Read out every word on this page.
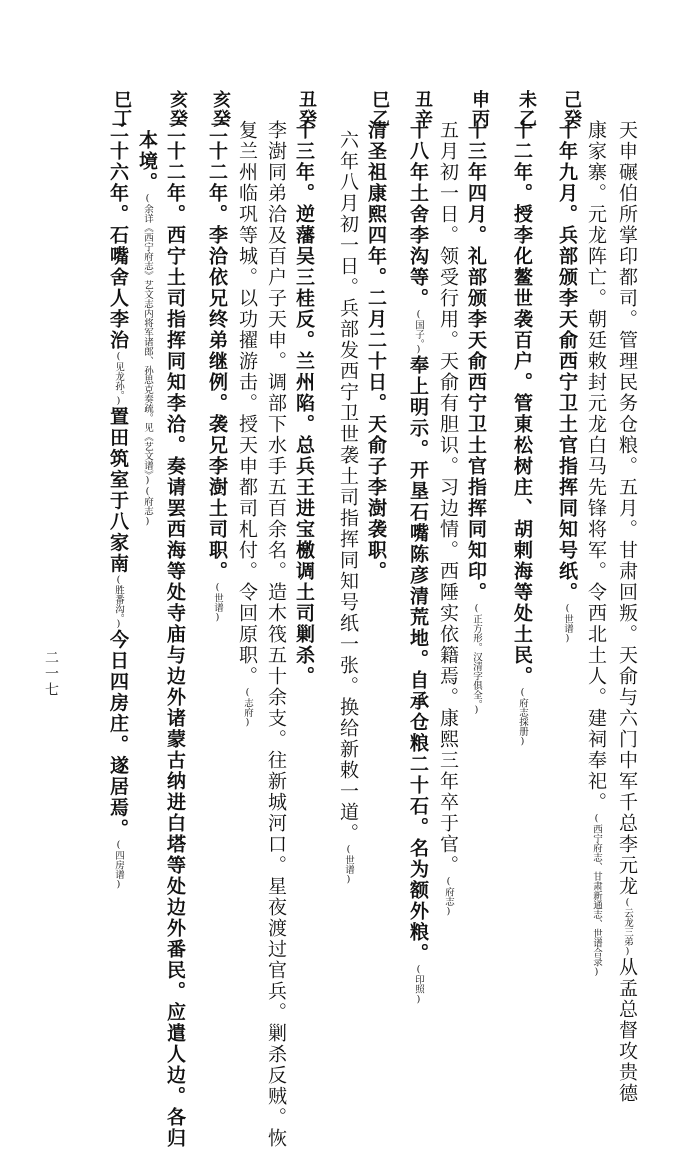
天申碾伯所掌印都司。管理民务仓粮。五月。甘肃回叛。天俞与六门中军千总李元龙(云龙三弟)从孟总督攻贵德
康家寨。元龙阵亡。朝廷敕封元龙白马先锋将军。令西北土人。建祠奉祀。(西宁府志、甘肃新通志、世谱合录)
己癸
十年九月。兵部颁李天俞西宁卫土官指挥同知号纸。(世谱)
未乙
十二年。授李化鳌世袭百户。管東松树庄、胡剌海等处土民。(府志採册)
申丙
十三年四月。礼部颁李天俞西宁卫土官指挥同知印。(正方形。汉清字俱全。)
五月初一日。领受行用。天俞有胆识。习边情。西陲实依籍焉。康熙三年卒于官。(府志)
丑辛
十八年土舍李沟等。(国子。)奉上明示。开垦石嘴陈彦清荒地。自承仓粮二十石。名为额外粮。(印照)
巳乙
清圣祖康熙四年。二月二十日。天俞子李澍袭职。
六年八月初一日。兵部发西宁卫世袭土司指挥同知号纸一张。换给新敕一道。(世谱)
丑癸
十三年。逆藩吴三桂反。兰州陷。总兵王进宝檄调土司剿杀。
李澍同弟洽及百户子天申。调部下水手五百余名。造木筏五十余支。往新城河口。星夜渡过官兵。剿杀反贼。恢
复兰州临巩等城。以功擢游击。授天申都司札付。令回原职。(志府)
亥癸
二十二年。李洽依兄终弟继例。袭兄李澍土司职。(世谱)
亥癸
二十二年。西宁土司指挥同知李洽。奏请罢西海等处寺庙与边外诸蒙古纳进白塔等处边外番民。应遣人边。各归
本境。(余详《西宁府志》艺文志内将军诸郎、孙思克奏疏。见《艺文谱》)(府志)
巳丁
二十六年。石嘴舍人李治(见龙孙。)置田筑室于八家南(胜番沟。)今日四房庄。遂居焉。(四房谱)
二一七
